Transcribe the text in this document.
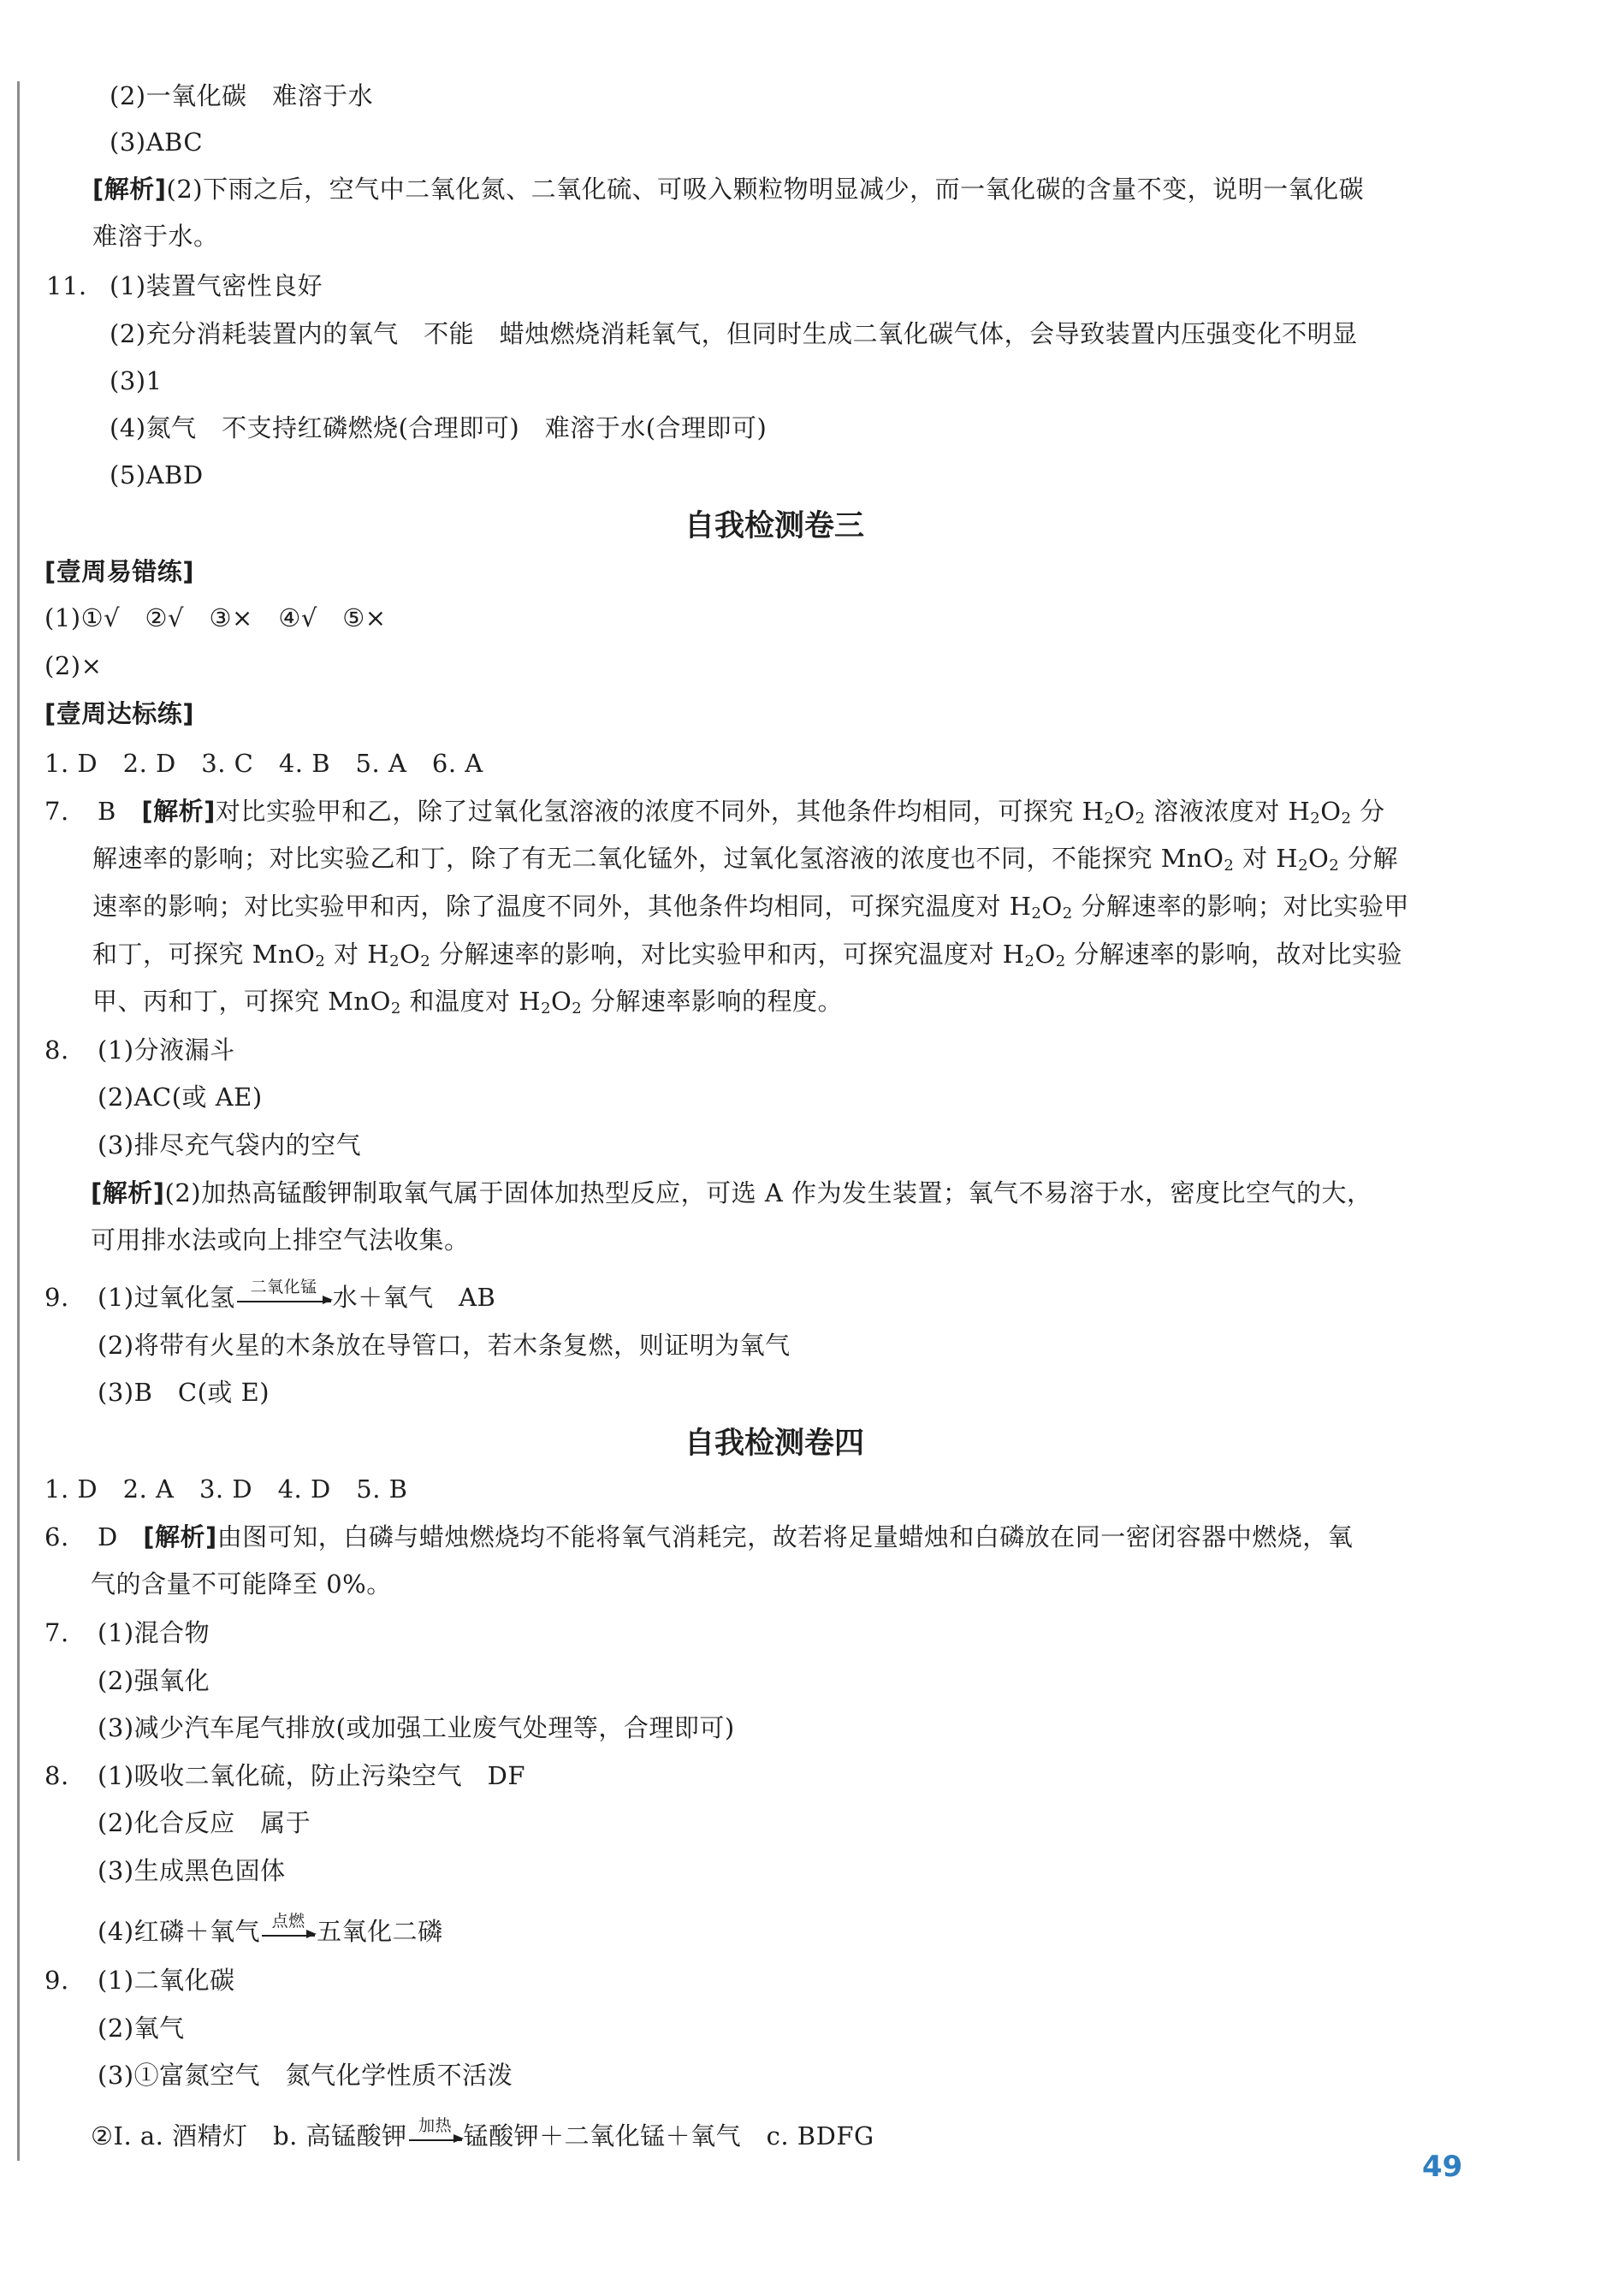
(2)一氧化碳　难溶于水
(3)ABC
[解析](2)下雨之后，空气中二氧化氮、二氧化硫、可吸入颗粒物明显减少，而一氧化碳的含量不变，说明一氧化碳
难溶于水。
11. (1)装置气密性良好
(2)充分消耗装置内的氧气　不能　蜡烛燃烧消耗氧气，但同时生成二氧化碳气体，会导致装置内压强变化不明显
(3)1
(4)氮气　不支持红磷燃烧(合理即可)　难溶于水(合理即可)
(5)ABD
自我检测卷三
[壹周易错练]
(1)①√　②√　③×　④√　⑤×
(2)×
[壹周达标练]
1. D　2. D　3. C　4. B　5. A　6. A
7. B　 [解析]对比实验甲和乙，除了过氧化氢溶液的浓度不同外，其他条件均相同，可探究 $H_2O_2$ 溶液浓度对 $H_2O_2$ 分
解速率的影响；对比实验乙和丁，除了有无二氧化锰外，过氧化氢溶液的浓度也不同，不能探究 MnO$_2$ 对 $H_2O_2$ 分解
速率的影响；对比实验甲和丙，除了温度不同外，其他条件均相同，可探究温度对 $H_2O_2$ 分解速率的影响；对比实验甲
和丁，可探究 MnO$_2$ 对 $H_2O_2$ 分解速率的影响，对比实验甲和丙，可探究温度对 $H_2O_2$ 分解速率的影响，故对比实验
甲、丙和丁，可探究 MnO$_2$ 和温度对 $H_2O_2$ 分解速率影响的程度。
8. (1)分液漏斗
(2)AC(或 AE)
(3)排尽充气袋内的空气
[解析](2)加热高锰酸钾制取氧气属于固体加热型反应，可选 A 作为发生装置；氧气不易溶于水，密度比空气的大，
可用排水法或向上排空气法收集。
9. (1)过氧化氢 二氧化锰 水＋氧气　AB
(2)将带有火星的木条放在导管口，若木条复燃，则证明为氧气
(3)B　C(或 E)
自我检测卷四
1. D　2. A　3. D　4. D　5. B
6. D　 [解析]由图可知，白磷与蜡烛燃烧均不能将氧气消耗完，故若将足量蜡烛和白磷放在同一密闭容器中燃烧，氧
气的含量不可能降至 0%。
7. (1)混合物
(2)强氧化
(3)减少汽车尾气排放(或加强工业废气处理等，合理即可)
8. (1)吸收二氧化硫，防止污染空气　DF
(2)化合反应　属于
(3)生成黑色固体
(4)红磷＋氧气 点燃 五氧化二磷
9. (1)二氧化碳
(2)氧气
(3)①富氮空气　氮气化学性质不活泼
②Ⅰ. a. 酒精灯　b. 高锰酸钾 加热 锰酸钾＋二氧化锰＋氧气　c. BDFG
49
